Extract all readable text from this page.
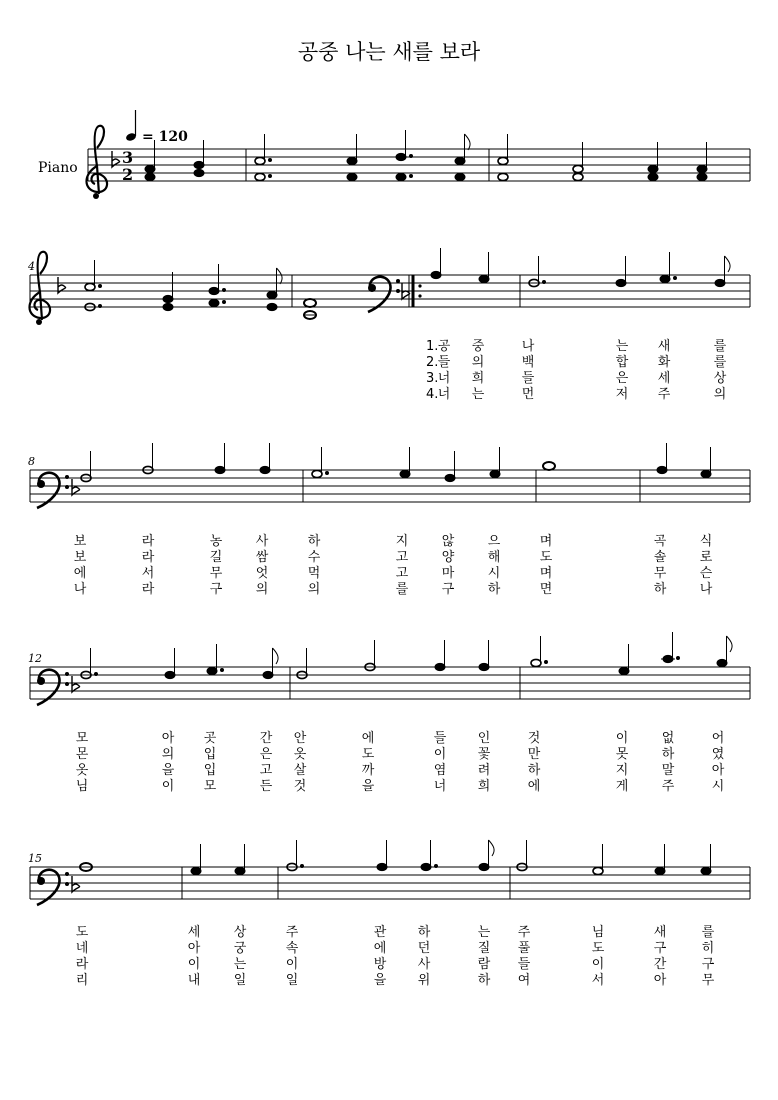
공중 나는 새를 보라
Piano
3
2
= 120
4
1.
2.
3.
4.
공 중	나	는 새	를
들 의	백	합 화	를
너 희	들	은 세	상
너 는	먼	저 주	의
8
보	라	농	사	하	지	않	으	며	곡	식
보	라	길	쌈	수	고	양	해	도	솔	로
에	서	무	엇	먹	고	마	시	며	무	슨
나	라	구	의	의	를	구	하	면	하	나
12
모	아 곳	간 안	에	들 인	것	이	없	어
몬	의 입	은 옷	도	이 꽃	만	못	하	였
옷	을 입	고 살	까	염 려	하	지	말	아
님	이 모	든 것	을	너 희	에	게	주	시
15
도	세	상	주	관 하	는 주	님	새	를
네	아	궁	속	에 던	질 풀	도	구	히
라	이	는	이	방 사	람 들	이	간	구
리	내	일	일	을 위	하 여	서	아	무
